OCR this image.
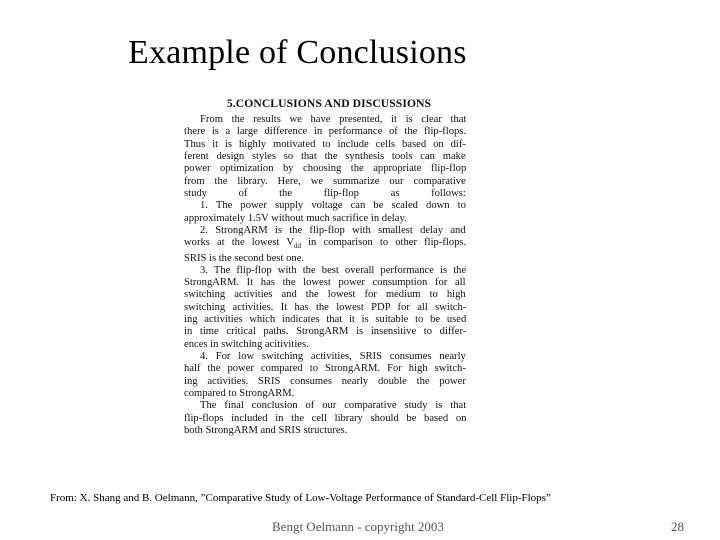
Example of Conclusions
5.CONCLUSIONS AND DISCUSSIONS
From the results we have presented, it is clear that
there is a large difference in performance of the flip-flops.
Thus it is highly motivated to include cells based on dif-
ferent design styles so that the synthesis tools can make
power optimization by choosing the appropriate flip-flop
from the library. Here, we summarize our comparative
study of the flip-flop as follows:
1. The power supply voltage can be scaled down to
approximately 1.5V without much sacrifice in delay.
2. StrongARM is the flip-flop with smallest delay and
works at the lowest $V_{dd}$ in comparison to other flip-flops.
SRIS is the second best one.
3. The flip-flop with the best overall performance is the
StrongARM. It has the lowest power consumption for all
switching activities and the lowest for medium to high
switching activities. It has the lowest PDP for all switch-
ing activities which indicates that it is suitable to be used
in time critical paths. StrongARM is insensitive to differ-
ences in switching acitivities.
4. For low switching activities, SRIS consumes nearly
half the power compared to StrongARM. For high switch-
ing activities. SRIS consumes nearly double the power
compared to StrongARM.
The final conclusion of our comparative study is that
flip-flops included in the cell library should be based on
both StrongARM and SRIS structures.
From: X. Shang and B. Oelmann, ”Comparative Study of Low-Voltage Performance of Standard-Cell Flip-Flops”
Bengt Oelmann - copyright 2003	28
